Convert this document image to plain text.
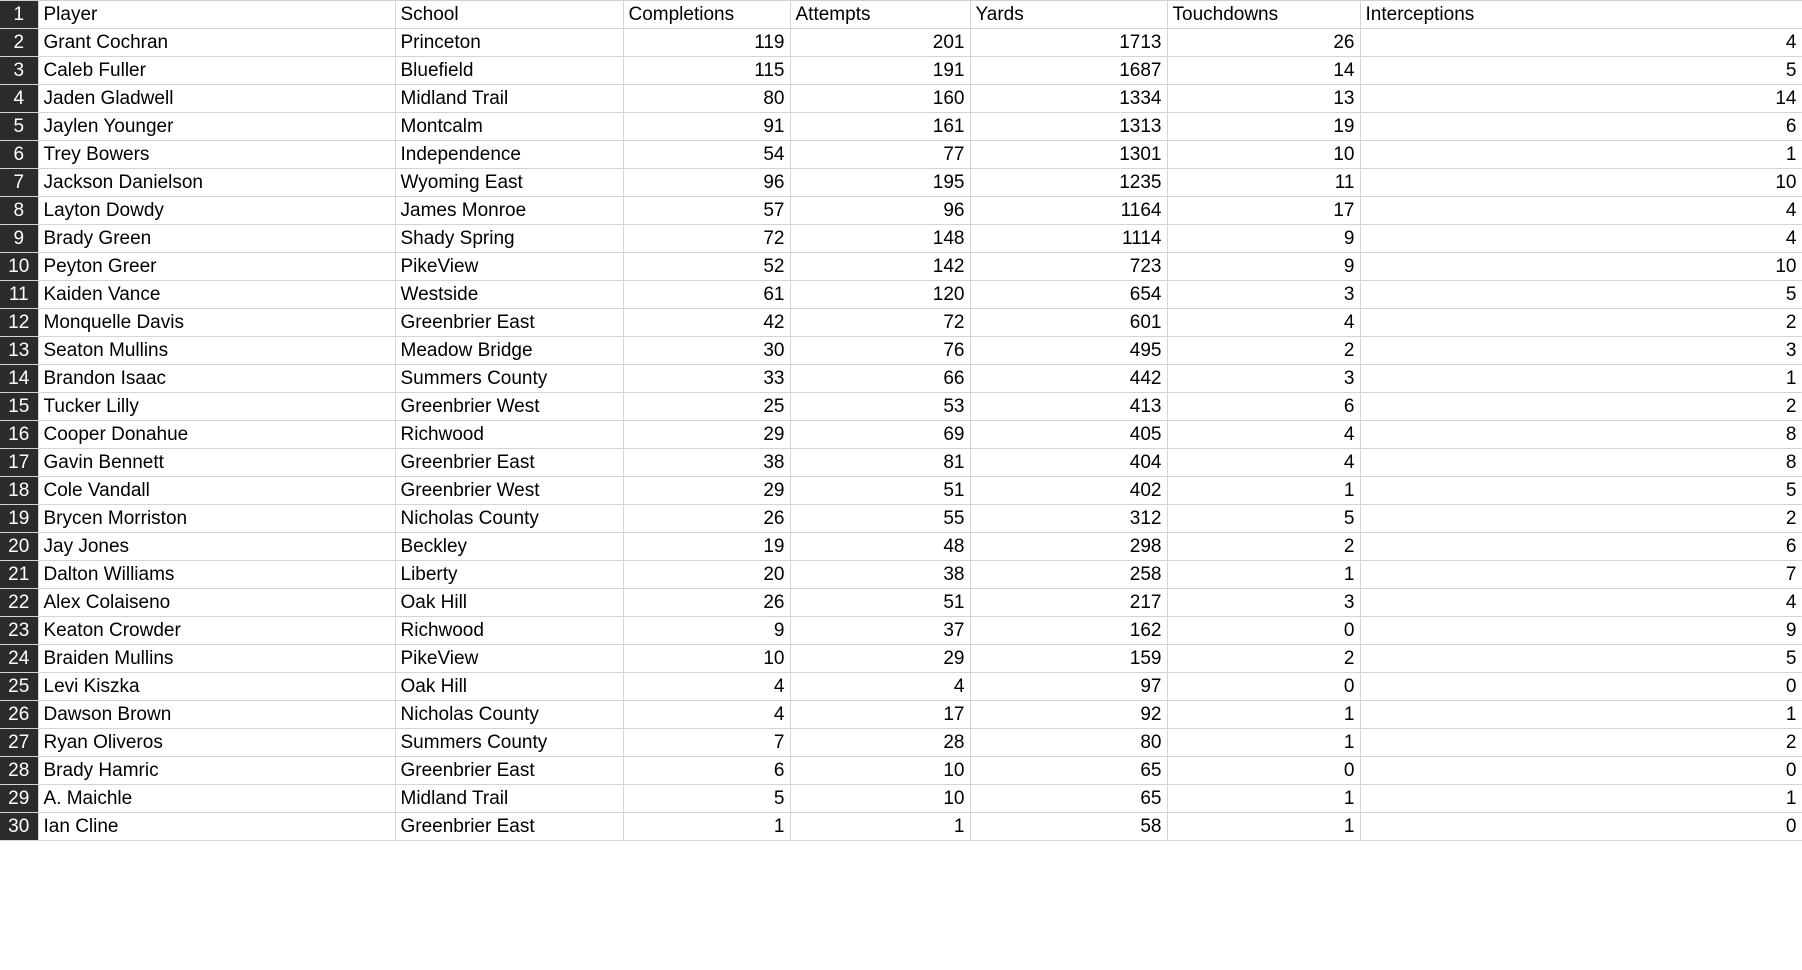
1	Player	School	Completions	Attempts	Yards	Touchdowns	Interceptions
2	Grant Cochran	Princeton	119	201	1713	26	4
3	Caleb Fuller	Bluefield	115	191	1687	14	5
4	Jaden Gladwell	Midland Trail	80	160	1334	13	14
5	Jaylen Younger	Montcalm	91	161	1313	19	6
6	Trey Bowers	Independence	54	77	1301	10	1
7	Jackson Danielson	Wyoming East	96	195	1235	11	10
8	Layton Dowdy	James Monroe	57	96	1164	17	4
9	Brady Green	Shady Spring	72	148	1114	9	4
10	Peyton Greer	PikeView	52	142	723	9	10
11	Kaiden Vance	Westside	61	120	654	3	5
12	Monquelle Davis	Greenbrier East	42	72	601	4	2
13	Seaton Mullins	Meadow Bridge	30	76	495	2	3
14	Brandon Isaac	Summers County	33	66	442	3	1
15	Tucker Lilly	Greenbrier West	25	53	413	6	2
16	Cooper Donahue	Richwood	29	69	405	4	8
17	Gavin Bennett	Greenbrier East	38	81	404	4	8
18	Cole Vandall	Greenbrier West	29	51	402	1	5
19	Brycen Morriston	Nicholas County	26	55	312	5	2
20	Jay Jones	Beckley	19	48	298	2	6
21	Dalton Williams	Liberty	20	38	258	1	7
22	Alex Colaiseno	Oak Hill	26	51	217	3	4
23	Keaton Crowder	Richwood	9	37	162	0	9
24	Braiden Mullins	PikeView	10	29	159	2	5
25	Levi Kiszka	Oak Hill	4	4	97	0	0
26	Dawson Brown	Nicholas County	4	17	92	1	1
27	Ryan Oliveros	Summers County	7	28	80	1	2
28	Brady Hamric	Greenbrier East	6	10	65	0	0
29	A. Maichle	Midland Trail	5	10	65	1	1
30	Ian Cline	Greenbrier East	1	1	58	1	0
